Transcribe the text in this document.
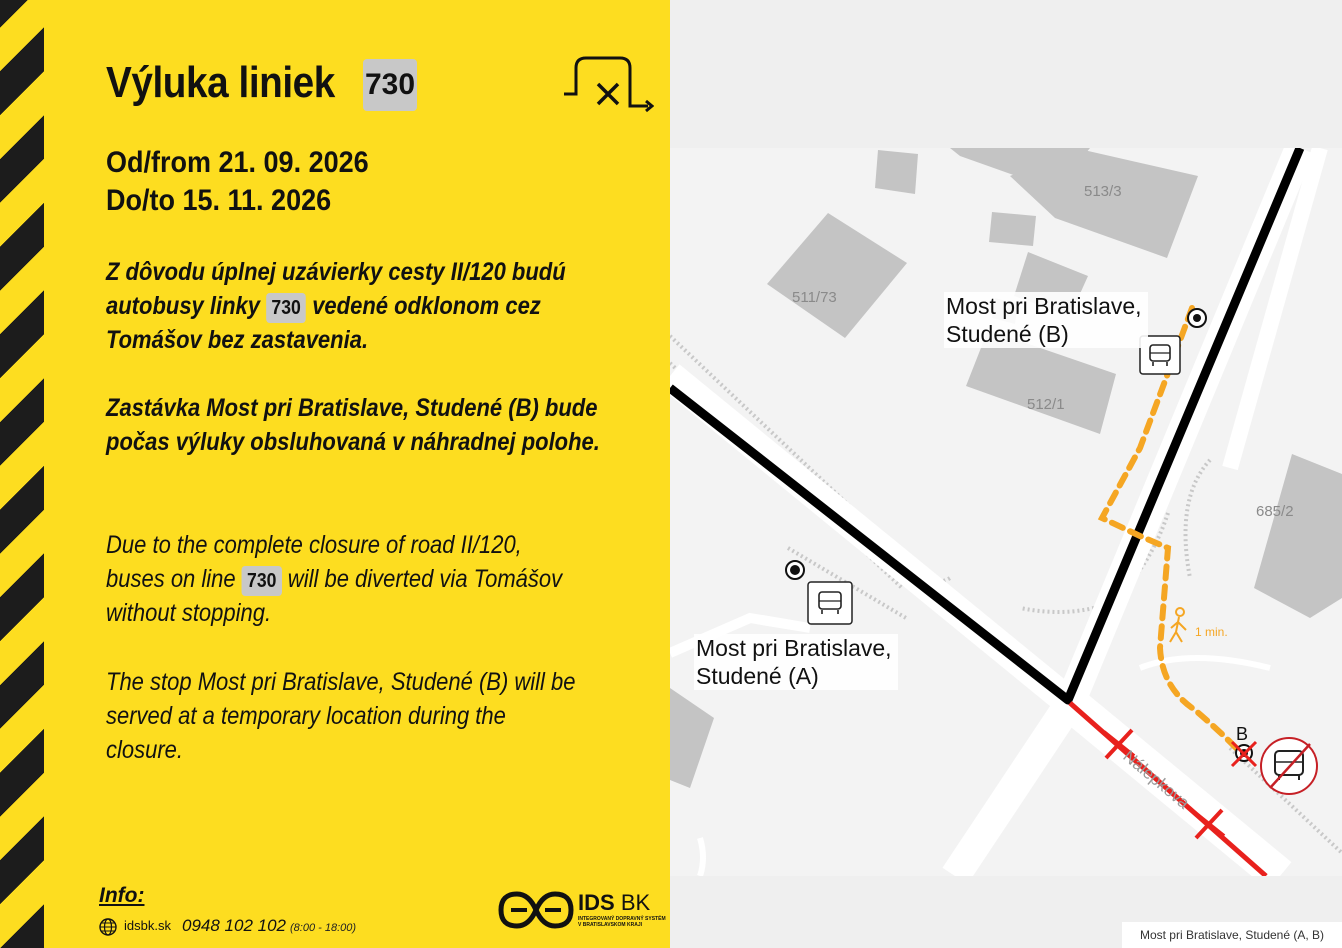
Výluka liniek 730
Od/from 21. 09. 2026
Do/to 15. 11. 2026
Z dôvodu úplnej uzávierky cesty II/120 budú
autobusy linky 730 vedené odklonom cez
Tomášov bez zastavenia.
Zastávka Most pri Bratislave, Studené (B) bude
počas výluky obsluhovaná v náhradnej polohe.
Due to the complete closure of road II/120,
buses on line 730 will be diverted via Tomášov
without stopping.
The stop Most pri Bratislave, Studené (B) will be
served at a temporary location during the
closure.
Info:
idsbk.sk 0948 102 102 (8:00 - 18:00)
IDS BK
INTEGROVANÝ DOPRAVNÝ SYSTÉM V BRATISLAVSKOM KRAJI
1 min.
513/3
511/73
512/1
685/2
Nálepkova
B
Most pri Bratislave,
Studené (B)
Most pri Bratislave,
Studené (A)
Most pri Bratislave, Studené (A, B)
